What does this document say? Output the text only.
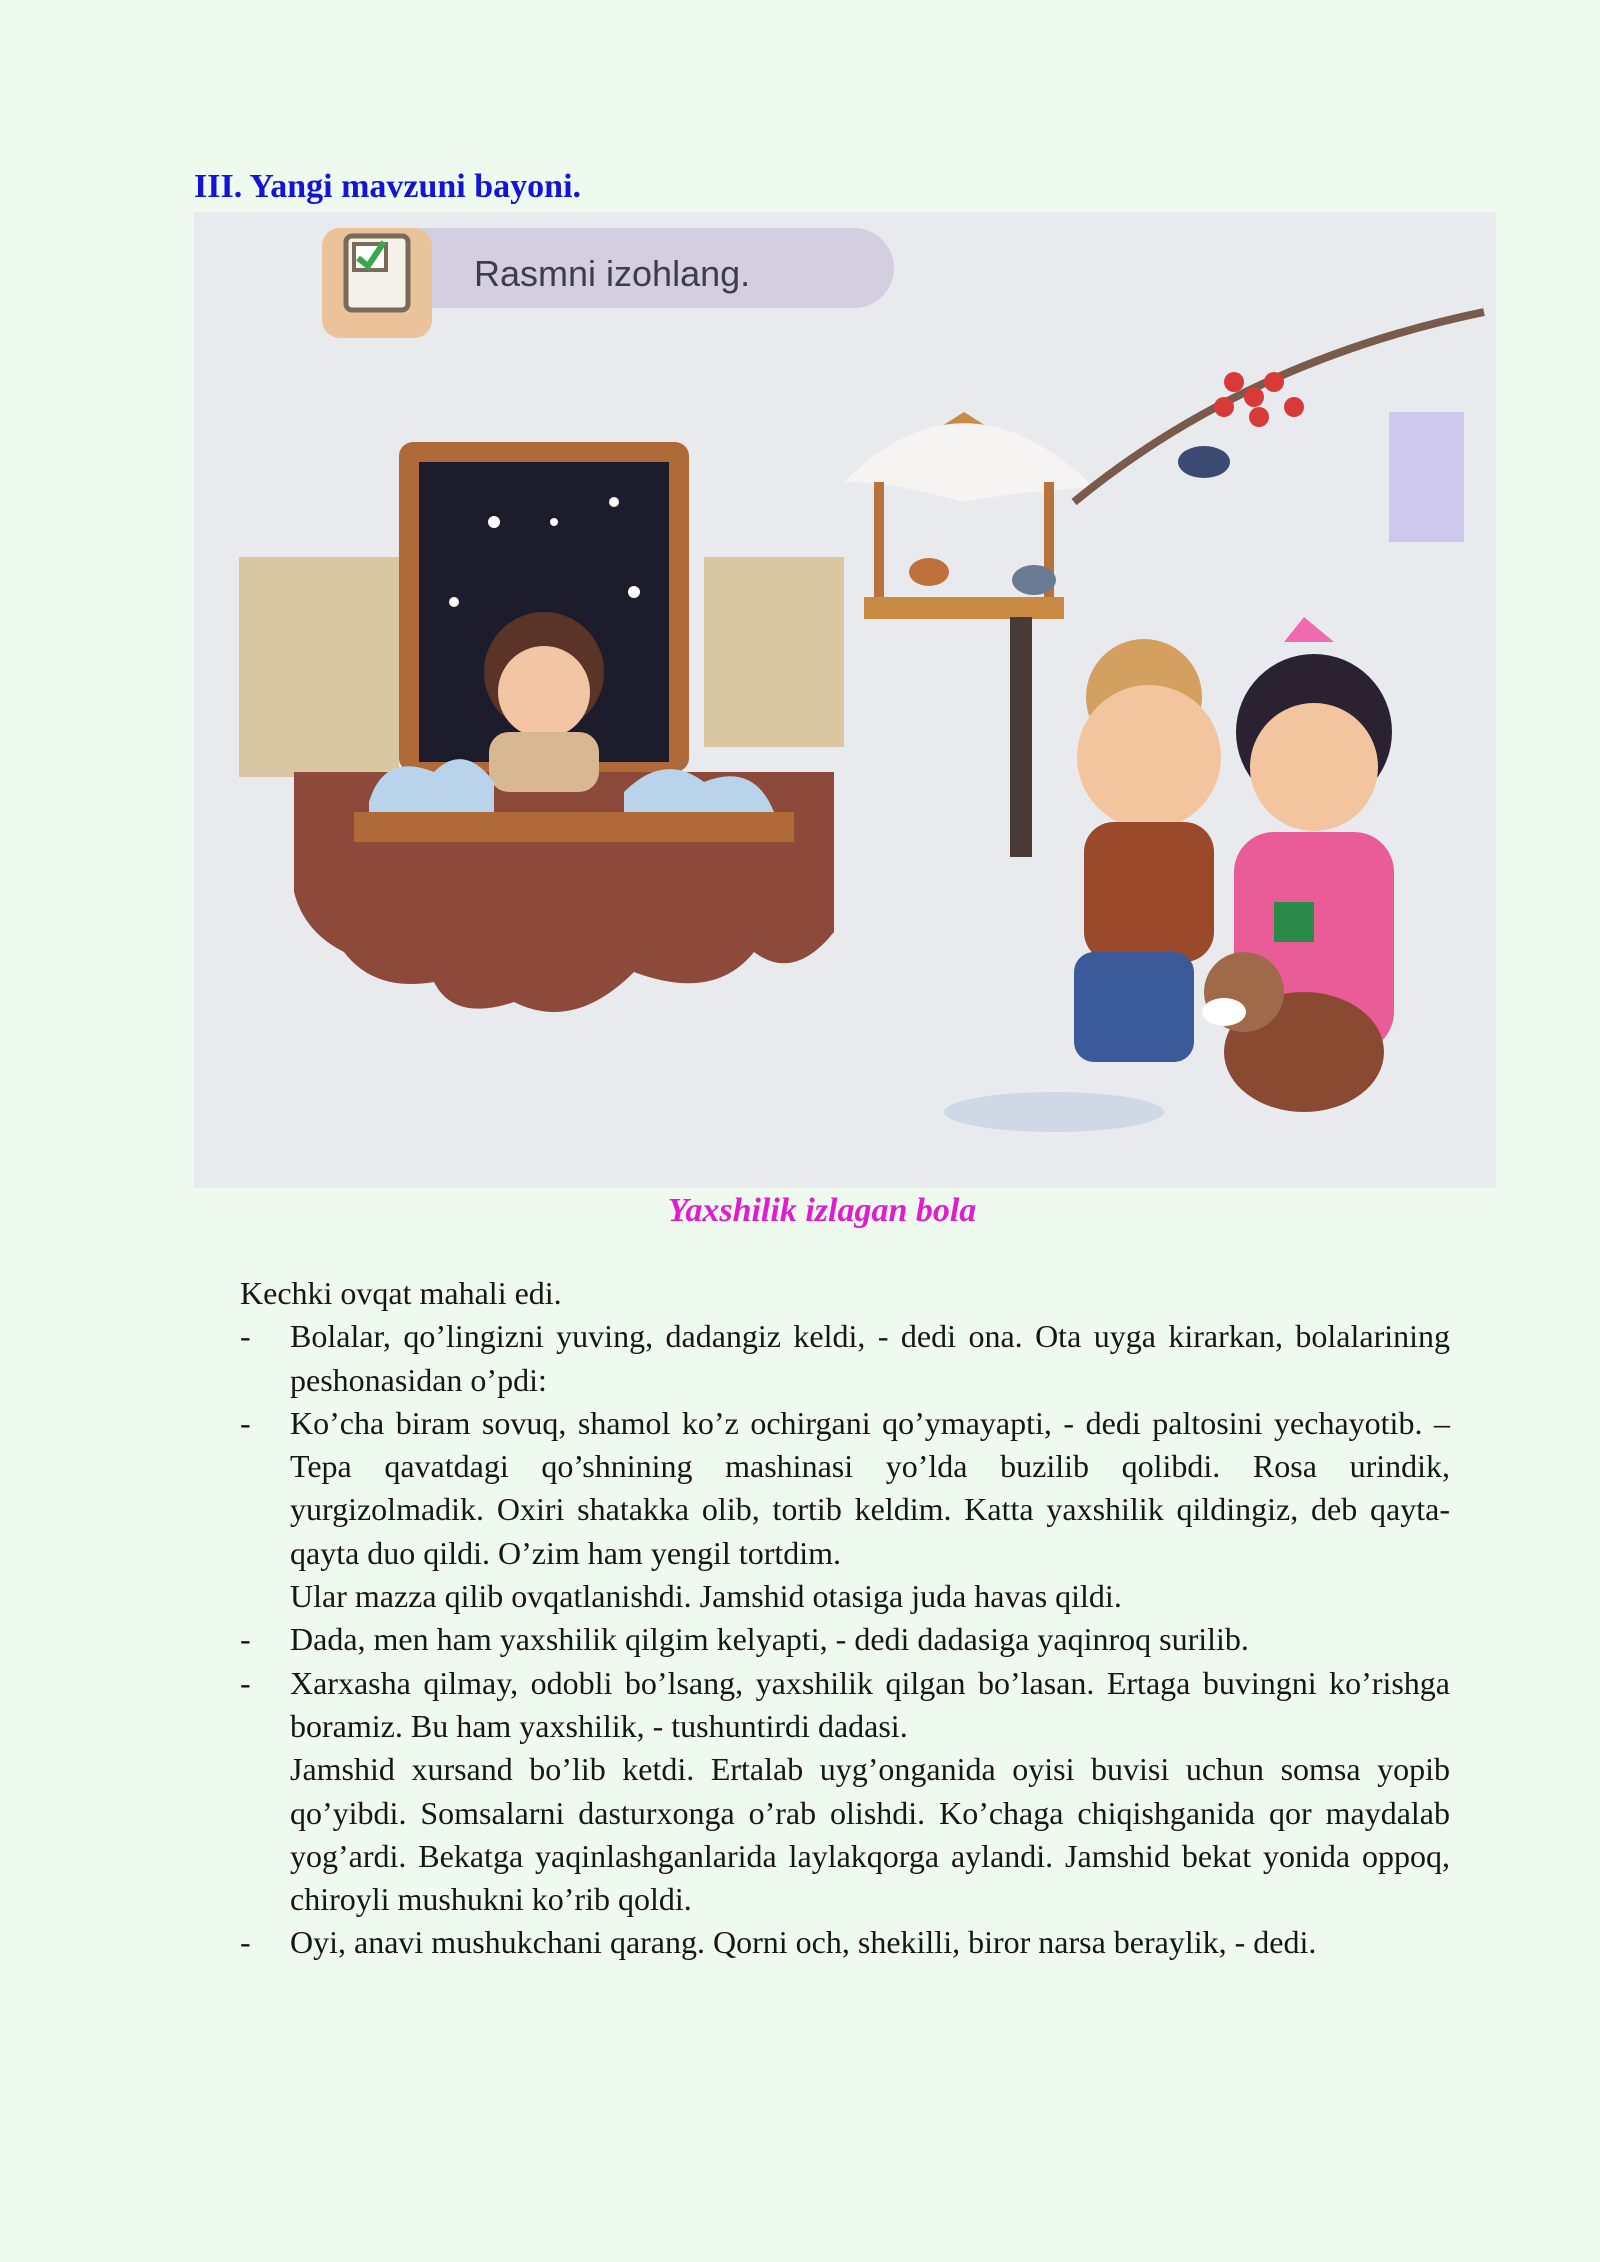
III. Yangi mavzuni bayoni.
Rasmni izohlang.
Yaxshilik izlagan bola

Kechki ovqat mahali edi.

- Bolalar, qo’lingizni yuving, dadangiz keldi, - dedi ona. Ota uyga kirarkan, bolalarining peshonasidan o’pdi:

- Ko’cha biram sovuq, shamol ko’z ochirgani qo’ymayapti, - dedi paltosini yechayotib. – Tepa qavatdagi qo’shnining mashinasi yo’lda buzilib qolibdi. Rosa urindik, yurgizolmadik. Oxiri shatakka olib, tortib keldim. Katta yaxshilik qildingiz, deb qayta-qayta duo qildi. O’zim ham yengil tortdim.

Ular mazza qilib ovqatlanishdi. Jamshid otasiga juda havas qildi.

- Dada, men ham yaxshilik qilgim kelyapti, - dedi dadasiga yaqinroq surilib.

- Xarxasha qilmay, odobli bo’lsang, yaxshilik qilgan bo’lasan. Ertaga buvingni ko’rishga boramiz. Bu ham yaxshilik, - tushuntirdi dadasi.

Jamshid xursand bo’lib ketdi. Ertalab uyg’onganida oyisi buvisi uchun somsa yopib qo’yibdi. Somsalarni dasturxonga o’rab olishdi. Ko’chaga chiqishganida qor maydalab yog’ardi. Bekatga yaqinlashganlarida laylakqorga aylandi. Jamshid bekat yonida oppoq, chiroyli mushukni ko’rib qoldi.

- Oyi, anavi mushukchani qarang. Qorni och, shekilli, biror narsa beraylik, - dedi.
